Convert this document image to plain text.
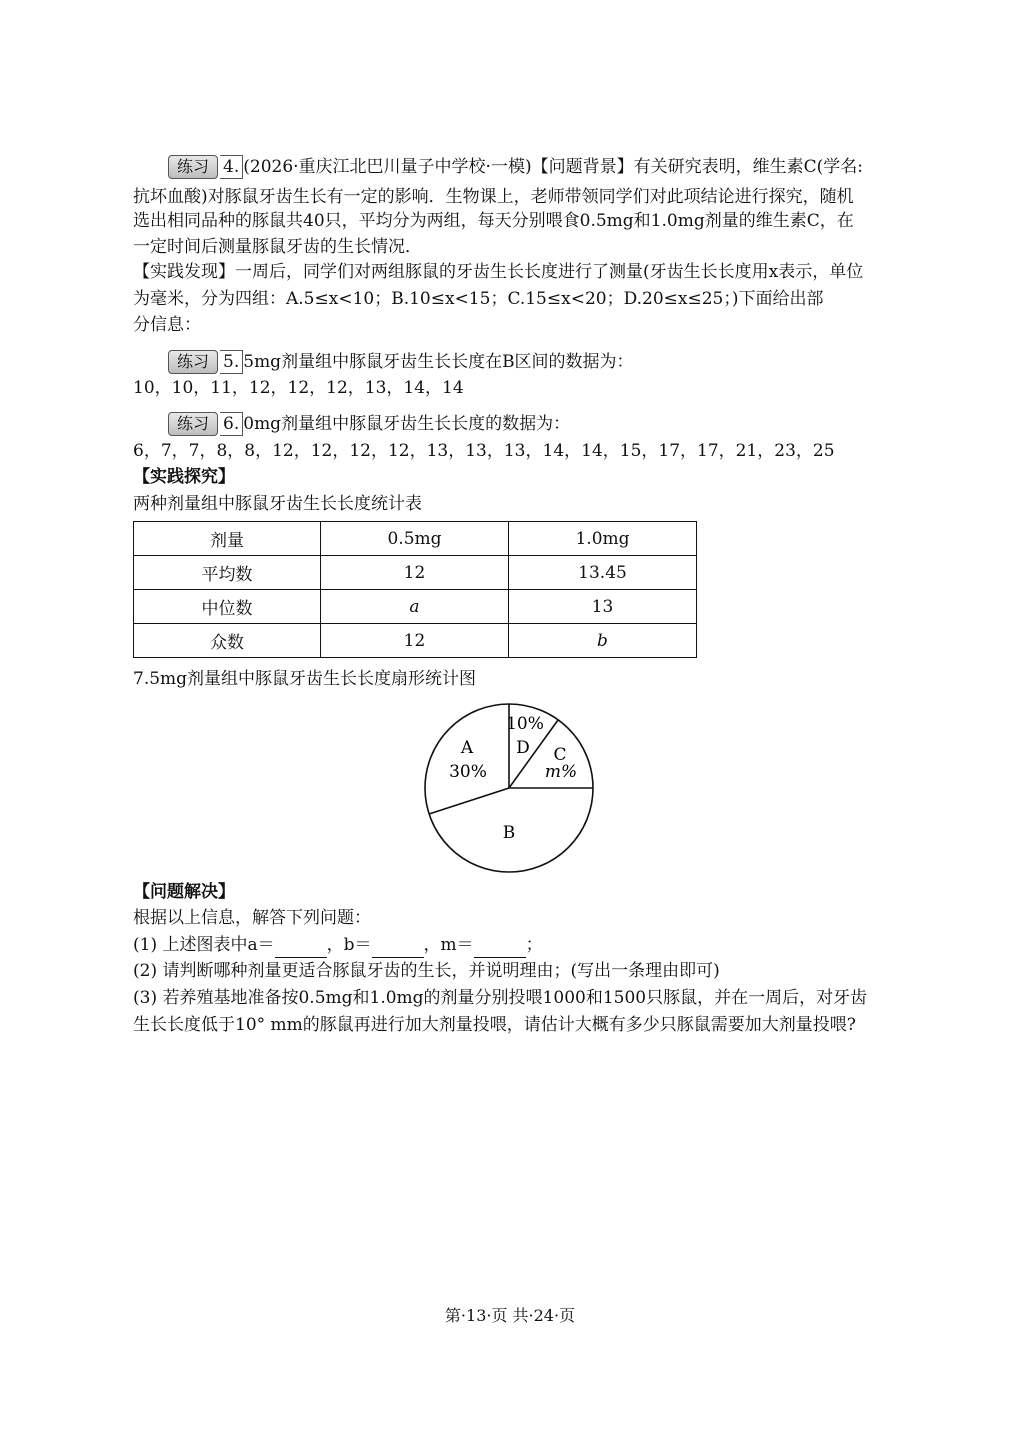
练习 4. (2026·重庆江北巴川量子中学校·一模)【问题背景】有关研究表明，维生素C(学名:
抗坏血酸)对豚鼠牙齿生长有一定的影响．生物课上，老师带领同学们对此项结论进行探究，随机
选出相同品种的豚鼠共40只，平均分为两组，每天分别喂食0.5mg和1.0mg剂量的维生素C，在
一定时间后测量豚鼠牙齿的生长情况．
【实践发现】一周后，同学们对两组豚鼠的牙齿生长长度进行了测量(牙齿生长长度用x表示，单位
为毫米，分为四组：A.5≤x<10；B.10≤x<15；C.15≤x<20；D.20≤x≤25；)下面给出部
分信息：
练习 5. 5mg剂量组中豚鼠牙齿生长长度在B区间的数据为：
10，10，11，12，12，12，13，14，14
练习 6. 0mg剂量组中豚鼠牙齿生长长度的数据为：
6，7，7，8，8，12，12，12，12，13，13，13，14，14，15，17，17，21，23，25
【实践探究】
两种剂量组中豚鼠牙齿生长长度统计表
剂量	0.5mg	1.0mg
平均数	12	13.45
中位数	a	13
众数	12	b
7.5mg剂量组中豚鼠牙齿生长长度扇形统计图
A
30%
B
C
m%
10%
D
【问题解决】
根据以上信息，解答下列问题：
(1) 上述图表中a＝	，b＝	，m＝	；
(2) 请判断哪种剂量更适合豚鼠牙齿的生长，并说明理由；(写出一条理由即可)
(3) 若养殖基地准备按0.5mg和1.0mg的剂量分别投喂1000和1500只豚鼠，并在一周后，对牙齿
生长长度低于10° mm的豚鼠再进行加大剂量投喂，请估计大概有多少只豚鼠需要加大剂量投喂?
第·13·页 共·24·页
